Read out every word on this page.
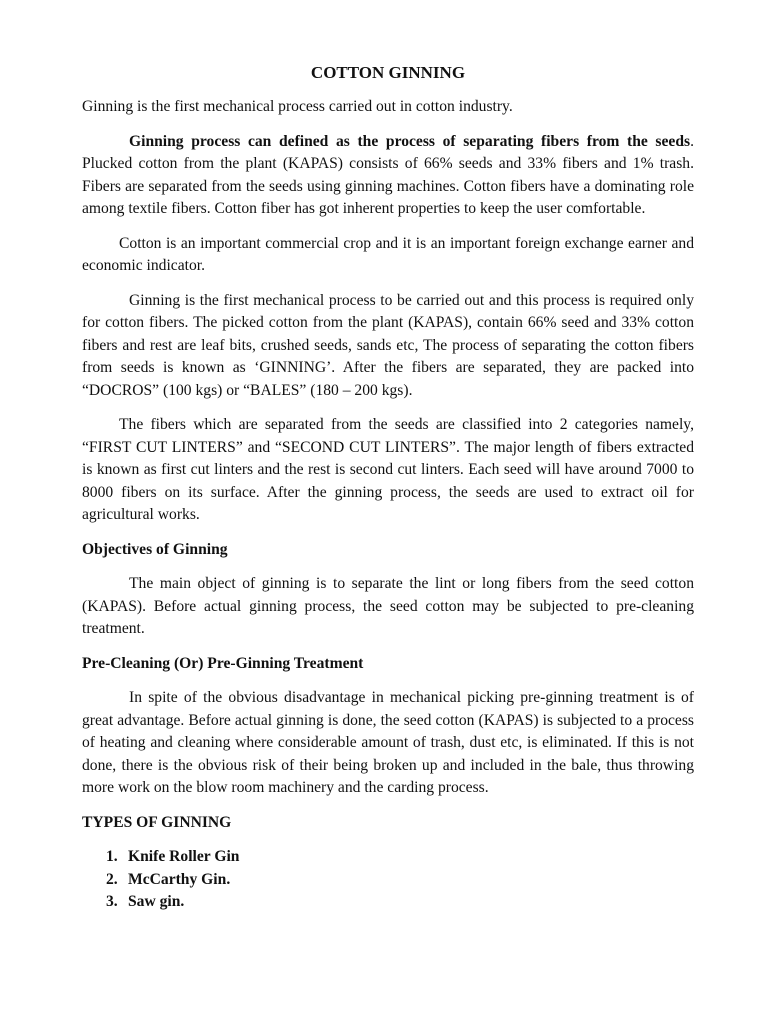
COTTON GINNING

Ginning is the first mechanical process carried out in cotton industry.

Ginning process can defined as the process of separating fibers from the seeds. Plucked cotton from the plant (KAPAS) consists of 66% seeds and 33% fibers and 1% trash. Fibers are separated from the seeds using ginning machines. Cotton fibers have a dominating role among textile fibers. Cotton fiber has got inherent properties to keep the user comfortable.

Cotton is an important commercial crop and it is an important foreign exchange earner and economic indicator.

Ginning is the first mechanical process to be carried out and this process is required only for cotton fibers. The picked cotton from the plant (KAPAS), contain 66% seed and 33% cotton fibers and rest are leaf bits, crushed seeds, sands etc, The process of separating the cotton fibers from seeds is known as ‘GINNING’. After the fibers are separated, they are packed into “DOCROS” (100 kgs) or “BALES” (180 – 200 kgs).

The fibers which are separated from the seeds are classified into 2 categories namely, “FIRST CUT LINTERS” and “SECOND CUT LINTERS”. The major length of fibers extracted is known as first cut linters and the rest is second cut linters. Each seed will have around 7000 to 8000 fibers on its surface. After the ginning process, the seeds are used to extract oil for agricultural works.

Objectives of Ginning

The main object of ginning is to separate the lint or long fibers from the seed cotton (KAPAS). Before actual ginning process, the seed cotton may be subjected to pre-cleaning treatment.

Pre-Cleaning (Or) Pre-Ginning Treatment

In spite of the obvious disadvantage in mechanical picking pre-ginning treatment is of great advantage. Before actual ginning is done, the seed cotton (KAPAS) is subjected to a process of heating and cleaning where considerable amount of trash, dust etc, is eliminated. If this is not done, there is the obvious risk of their being broken up and included in the bale, thus throwing more work on the blow room machinery and the carding process.

TYPES OF GINNING
1. Knife Roller Gin
2. McCarthy Gin.
3. Saw gin.
